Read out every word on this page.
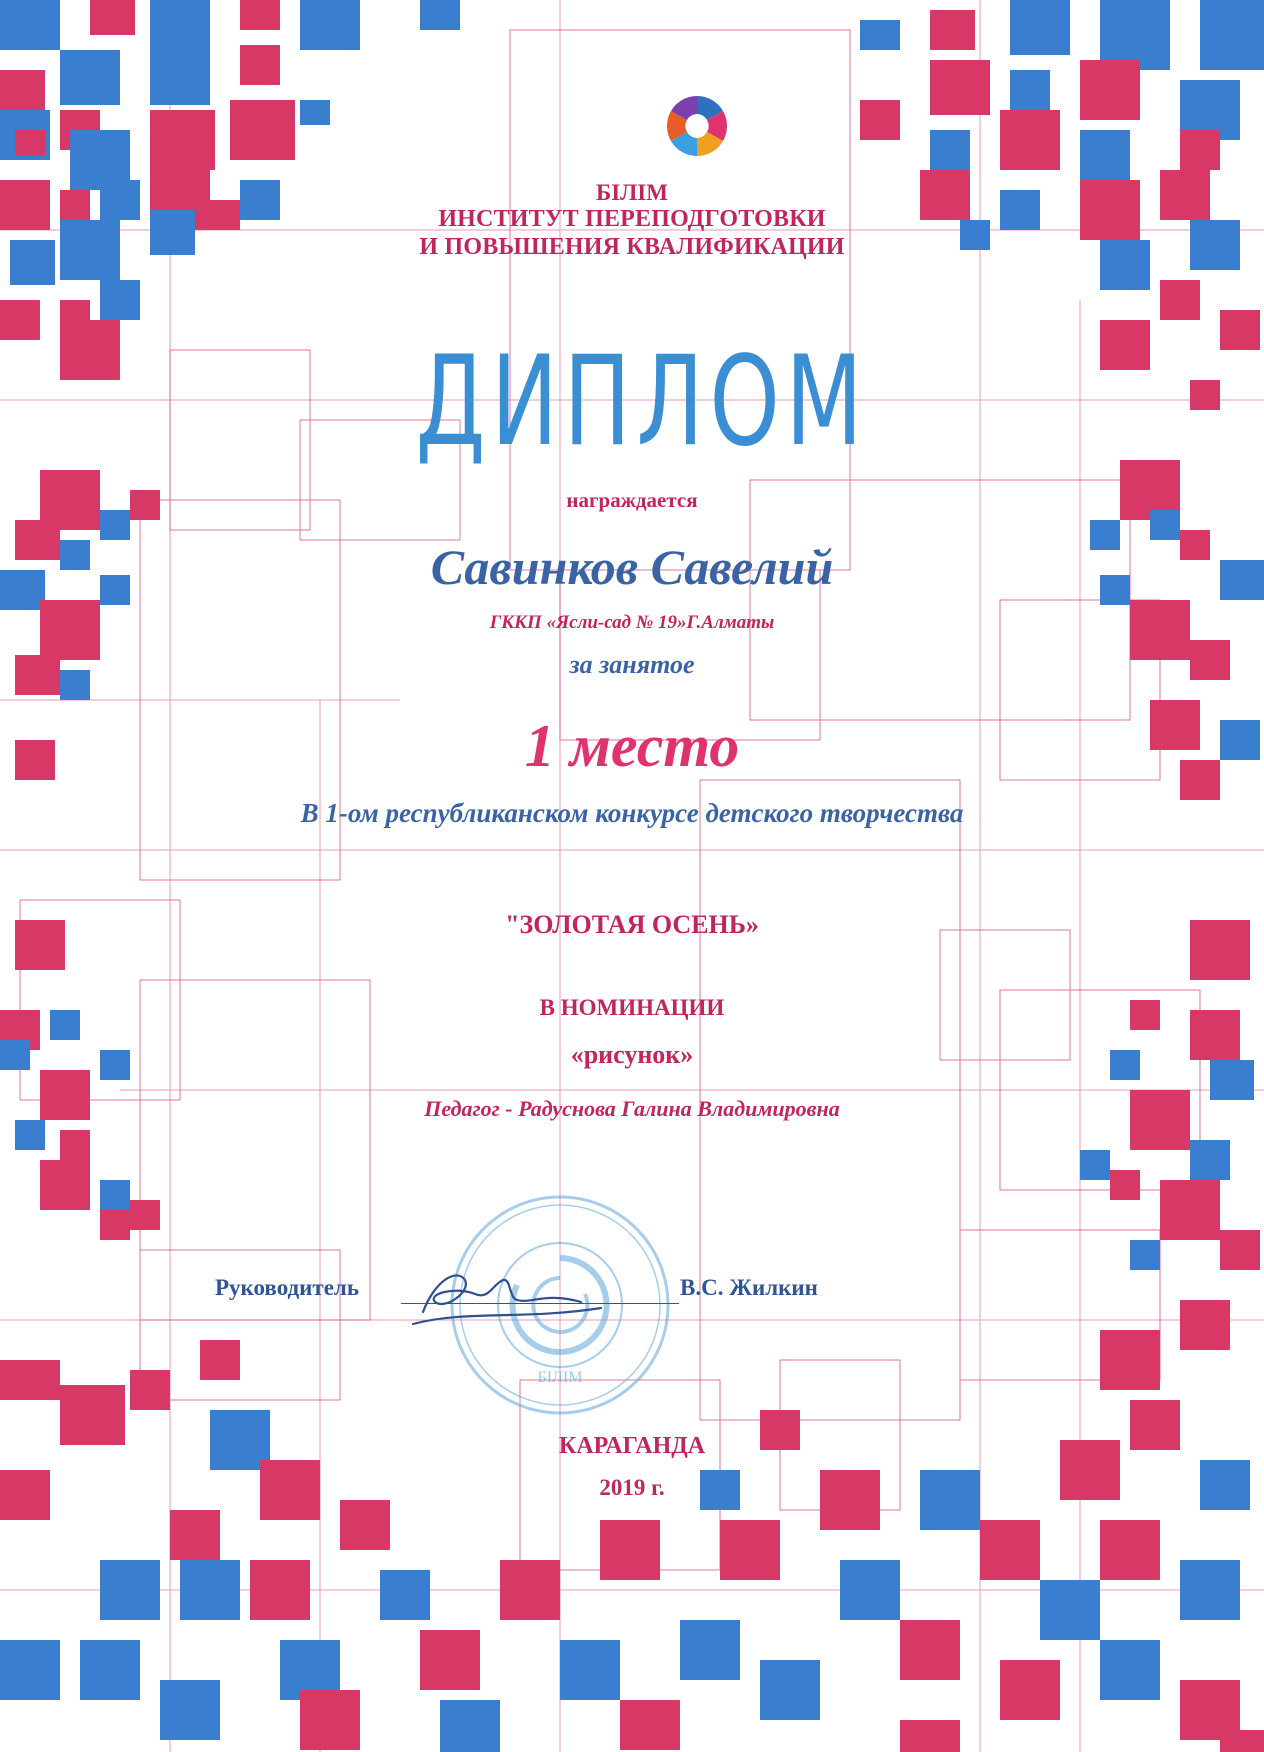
БІЛІМ

ИНСТИТУТ ПЕРЕПОДГОТОВКИ

И ПОВЫШЕНИЯ КВАЛИФИКАЦИИ

ДИПЛОМ

награждается

Савинков Савелий

ГККП «Ясли-сад № 19»Г.Алматы

за занятое

1 место

В 1-ом республиканском конкурсе детского творчества

"ЗОЛОТАЯ ОСЕНЬ»

В НОМИНАЦИИ

«рисунок»

Педагог - Радуснова Галина Владимировна

БІЛІМ
Руководитель	В.С. Жилкин

КАРАГАНДА

2019 г.
